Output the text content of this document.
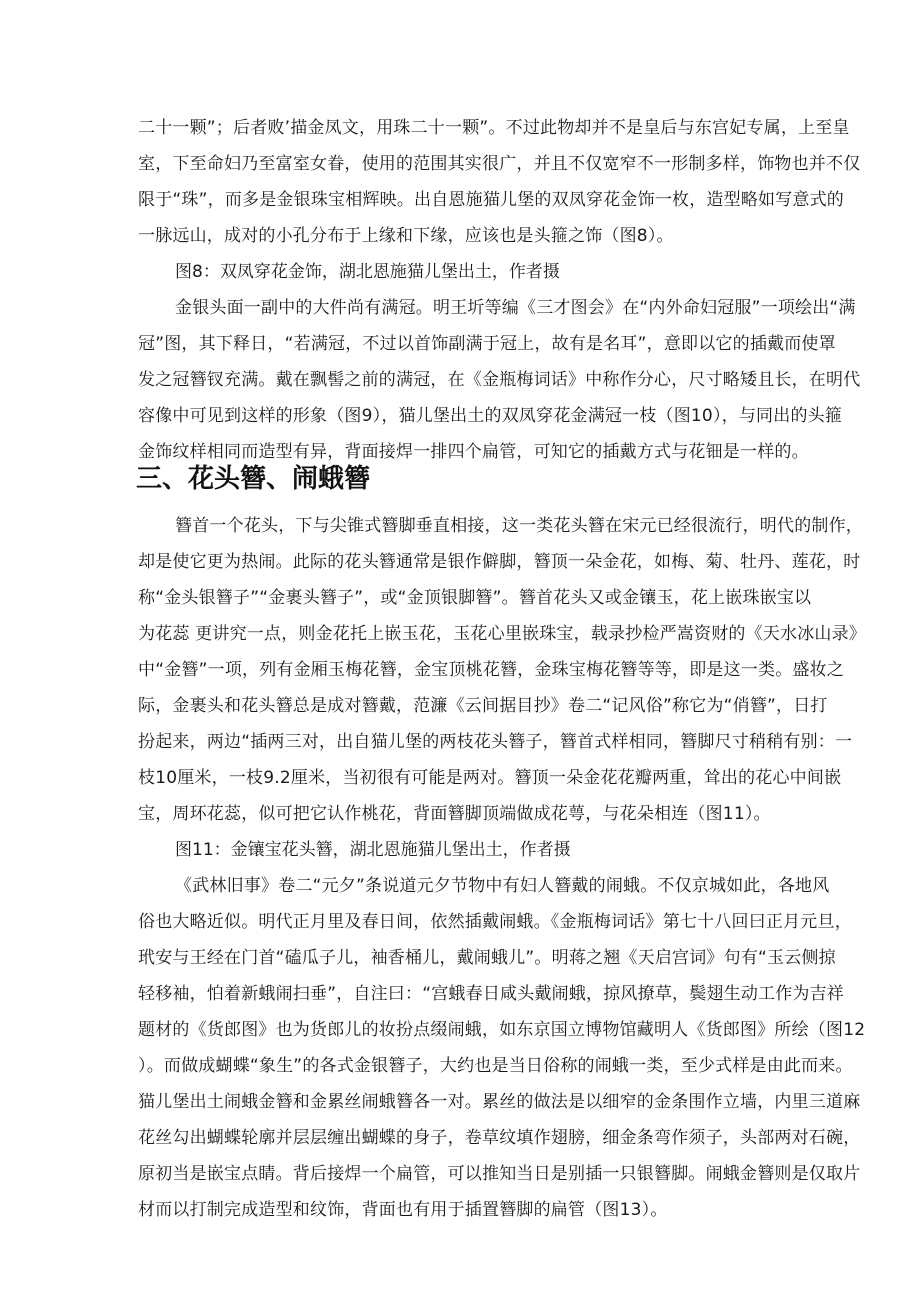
二十一颗”；后者败’描金凤文，用珠二十一颗”。不过此物却并不是皇后与东宫妃专属，上至皇
室，下至命妇乃至富室女眷，使用的范围其实很广，并且不仅宽窄不一形制多样，饰物也并不仅
限于“珠”，而多是金银珠宝相辉映。出自恩施猫儿堡的双凤穿花金饰一枚，造型略如写意式的
一脉远山，成对的小孔分布于上缘和下缘，应该也是头箍之饰（图8）。
图8：双凤穿花金饰，湖北恩施猫儿堡出土，作者摄
金银头面一副中的大件尚有满冠。明王圻等编《三才图会》在“内外命妇冠服”一项绘出“满
冠”图，其下释日，“若满冠，不过以首饰副满于冠上，故有是名耳”，意即以它的插戴而使罩
发之冠簪钗充满。戴在飘髻之前的满冠，在《金瓶梅词话》中称作分心，尺寸略矮且长，在明代
容像中可见到这样的形象（图9），猫儿堡出土的双凤穿花金满冠一枝（图10），与同出的头箍
金饰纹样相同而造型有异，背面接焊一排四个扁管，可知它的插戴方式与花钿是一样的。
三、花头簪、闹蛾簪
簪首一个花头，下与尖锥式簪脚垂直相接，这一类花头簪在宋元已经很流行，明代的制作，
却是使它更为热闹。此际的花头簪通常是银作僻脚，簪顶一朵金花，如梅、菊、牡丹、莲花，时
称“金头银簪子”“金裹头簪子”，或“金顶银脚簪”。簪首花头又或金镶玉，花上嵌珠嵌宝以
为花蕊 更讲究一点，则金花托上嵌玉花，玉花心里嵌珠宝，载录抄检严嵩资财的《天水冰山录》
中“金簪”一项，列有金厢玉梅花簪，金宝顶桃花簪，金珠宝梅花簪等等，即是这一类。盛妆之
际，金裹头和花头簪总是成对簪戴，范濂《云间据目抄》卷二“记风俗”称它为“俏簪”，日打
扮起来，两边“插两三对，出自猫儿堡的两枝花头簪子，簪首式样相同，簪脚尺寸稍稍有别：一
枝10厘米，一枝9.2厘米，当初很有可能是两对。簪顶一朵金花花瓣两重，耸出的花心中间嵌
宝，周环花蕊，似可把它认作桃花，背面簪脚顶端做成花萼，与花朵相连（图11）。
图11：金镶宝花头簪，湖北恩施猫儿堡出土，作者摄
《武林旧事》卷二“元夕”条说道元夕节物中有妇人簪戴的闹蛾。不仅京城如此，各地风
俗也大略近似。明代正月里及春日间，依然插戴闹蛾。《金瓶梅词话》第七十八回曰正月元旦，
玳安与王经在门首“磕瓜子儿，袖香桶儿，戴闹蛾儿”。明蒋之翘《天启宫词》句有“玉云侧掠
轻移袖，怕着新蛾闹扫垂”，自注曰：“宫蛾春日咸头戴闹蛾，掠风撩草，鬓翅生动工作为吉祥
题材的《货郎图》也为货郎儿的妆扮点缀闹蛾，如东京国立博物馆藏明人《货郎图》所绘（图12
）。而做成蝴蝶“象生”的各式金银簪子，大约也是当日俗称的闹蛾一类，至少式样是由此而来。
猫儿堡出土闹蛾金簪和金累丝闹蛾簪各一对。累丝的做法是以细窄的金条围作立墙，内里三道麻
花丝勾出蝴蝶轮廓并层层缠出蝴蝶的身子，卷草纹填作翅膀，细金条弯作须子，头部两对石碗，
原初当是嵌宝点睛。背后接焊一个扁管，可以推知当日是别插一只银簪脚。闹蛾金簪则是仅取片
材而以打制完成造型和纹饰，背面也有用于插置簪脚的扁管（图13）。
